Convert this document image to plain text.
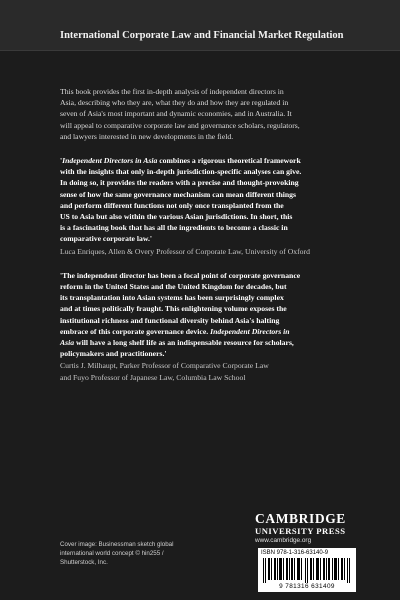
International Corporate Law and Financial Market Regulation

This book provides the first in-depth analysis of independent directors in
Asia, describing who they are, what they do and how they are regulated in
seven of Asia's most important and dynamic economies, and in Australia. It
will appeal to comparative corporate law and governance scholars, regulators,
and lawyers interested in new developments in the field.

'Independent Directors in Asia combines a rigorous theoretical framework
with the insights that only in-depth jurisdiction-specific analyses can give.
In doing so, it provides the readers with a precise and thought-provoking
sense of how the same governance mechanism can mean different things
and perform different functions not only once transplanted from the
US to Asia but also within the various Asian jurisdictions. In short, this
is a fascinating book that has all the ingredients to become a classic in
comparative corporate law.'

Luca Enriques, Allen & Overy Professor of Corporate Law, University of Oxford

'The independent director has been a focal point of corporate governance
reform in the United States and the United Kingdom for decades, but
its transplantation into Asian systems has been surprisingly complex
and at times politically fraught. This enlightening volume exposes the
institutional richness and functional diversity behind Asia's halting
embrace of this corporate governance device. Independent Directors in
Asia will have a long shelf life as an indispensable resource for scholars,
policymakers and practitioners.'

Curtis J. Milhaupt, Parker Professor of Comparative Corporate Law
and Fuyo Professor of Japanese Law, Columbia Law School

Cover image: Businessman sketch global
international world concept © hin255 /
Shutterstock, Inc.
CAMBRIDGE
UNIVERSITY PRESS
www.cambridge.org
ISBN 978-1-316-63140-9
9 781316 631409
